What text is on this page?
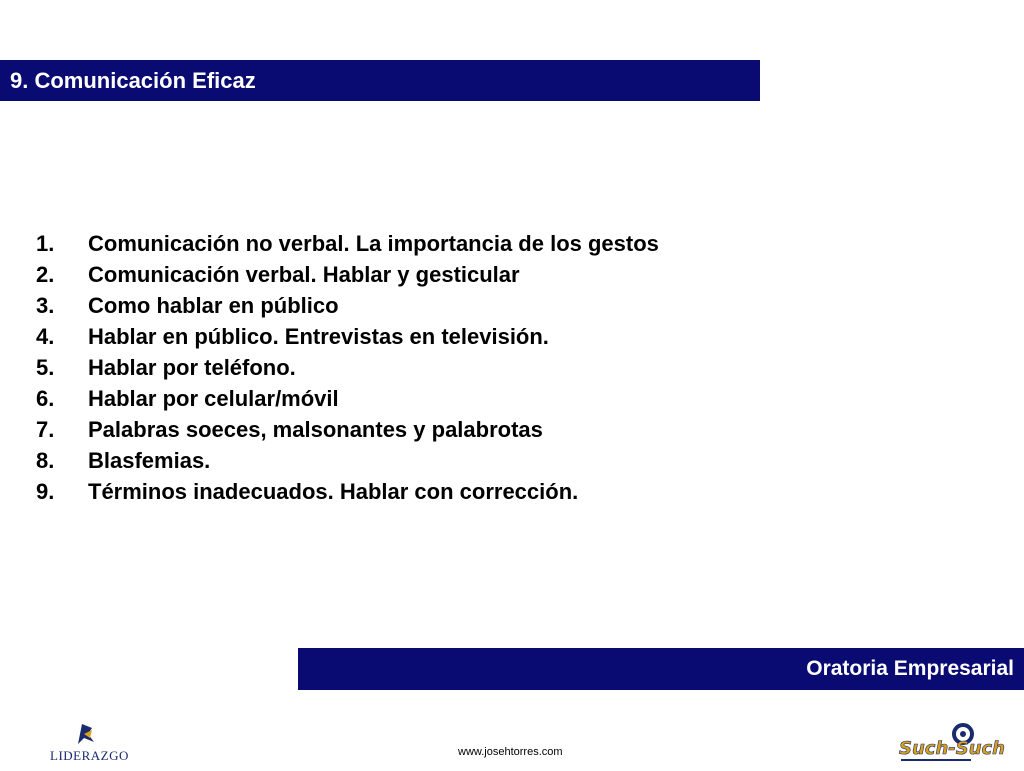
9. Comunicación Eficaz
1.	Comunicación no verbal. La importancia de los gestos
2.	Comunicación verbal. Hablar y gesticular
3.	Como hablar en público
4.	Hablar en público. Entrevistas en televisión.
5.	Hablar por teléfono.
6.	Hablar por celular/móvil
7.	Palabras soeces, malsonantes y palabrotas
8.	Blasfemias.
9.	Términos inadecuados. Hablar con corrección.
Oratoria Empresarial
www.josehtorres.com
LIDERAZGO	Such-Such
